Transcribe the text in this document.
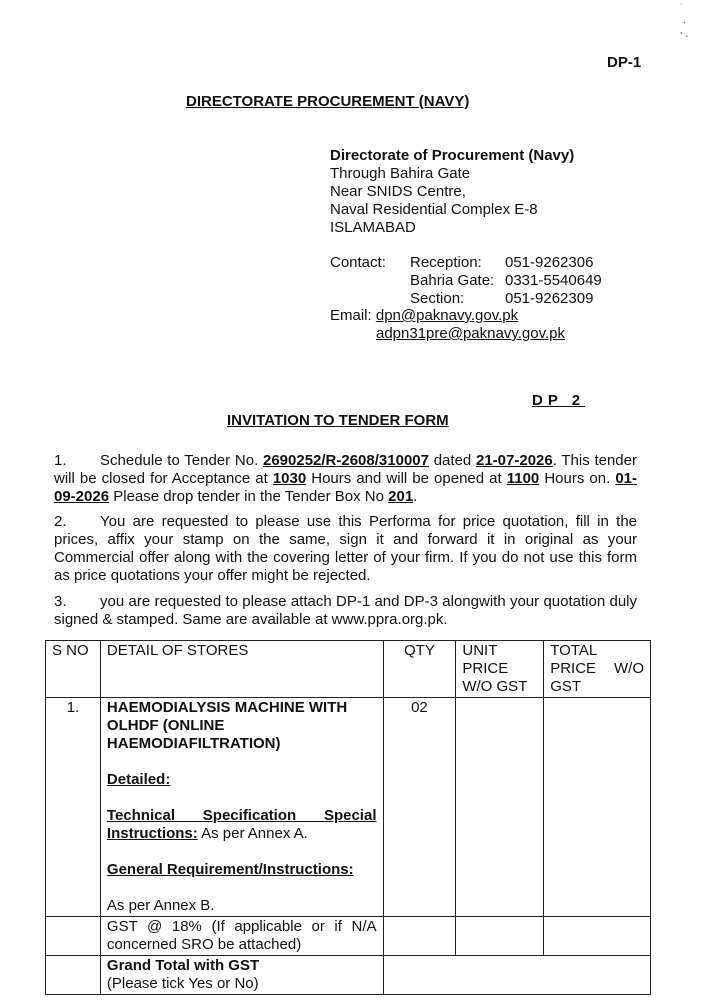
˙
·
’ -
DP-1
DIRECTORATE PROCUREMENT (NAVY)
Directorate of Procurement (Navy)
Through Bahira Gate
Near SNIDS Centre,
Naval Residential Complex E-8
ISLAMABAD
Contact: Reception: 051-9262306
Bahria Gate: 0331-5540649
Section:	051-9262309
Email: dpn@paknavy.gov.pk
adpn31pre@paknavy.gov.pk
DP 2
INVITATION TO TENDER FORM
1. Schedule to Tender No. 2690252/R-2608/310007 dated 21-07-2026. This tender will be closed for Acceptance at 1030 Hours and will be opened at 1100 Hours on. 01-09-2026 Please drop tender in the Tender Box No 201.
2. You are requested to please use this Performa for price quotation, fill in the prices, affix your stamp on the same, sign it and forward it in original as your Commercial offer along with the covering letter of your firm. If you do not use this form as price quotations your offer might be rejected.
3. you are requested to please attach DP-1 and DP-3 alongwith your quotation duly signed & stamped. Same are available at www.ppra.org.pk.
S NO	DETAIL OF STORES	QTY	UNIT PRICE W/O GST	TOTAL PRICE W/O GST
1.	HAEMODIALYSIS MACHINE WITH OLHDF (ONLINE HAEMODIAFILTRATION)
Detailed:
Technical Specification Special Instructions: As per Annex A.
General Requirement/Instructions:
As per Annex B.	02		
	GST @ 18% (If applicable or if N/A concerned SRO be attached)			

	Grand Total with GST
(Please tick Yes or No)			
